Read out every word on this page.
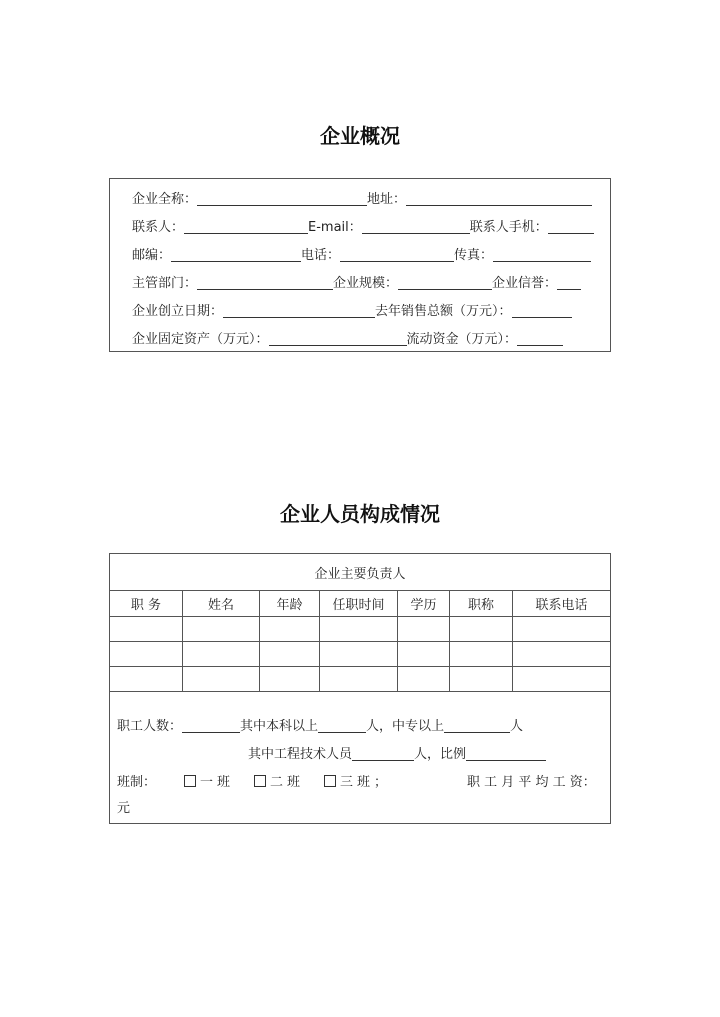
企业概况
企业全称：	地址：
联系人：	E-mail：	联系人手机：
邮编：	电话：	传真：
主管部门：	企业规模：	企业信誉：
企业创立日期：	去年销售总额（万元）：
企业固定资产（万元）：	流动资金（万元）：
企业人员构成情况
企业主要负责人						
职 务	姓名	年龄	任职时间	学历	职称	联系电话

职工人数：	其中本科以上	人，中专以上	人
其中工程技术人员	人，比例
班制：	一班	二班	三班；	职 工 月 平 均 工 资：
元
